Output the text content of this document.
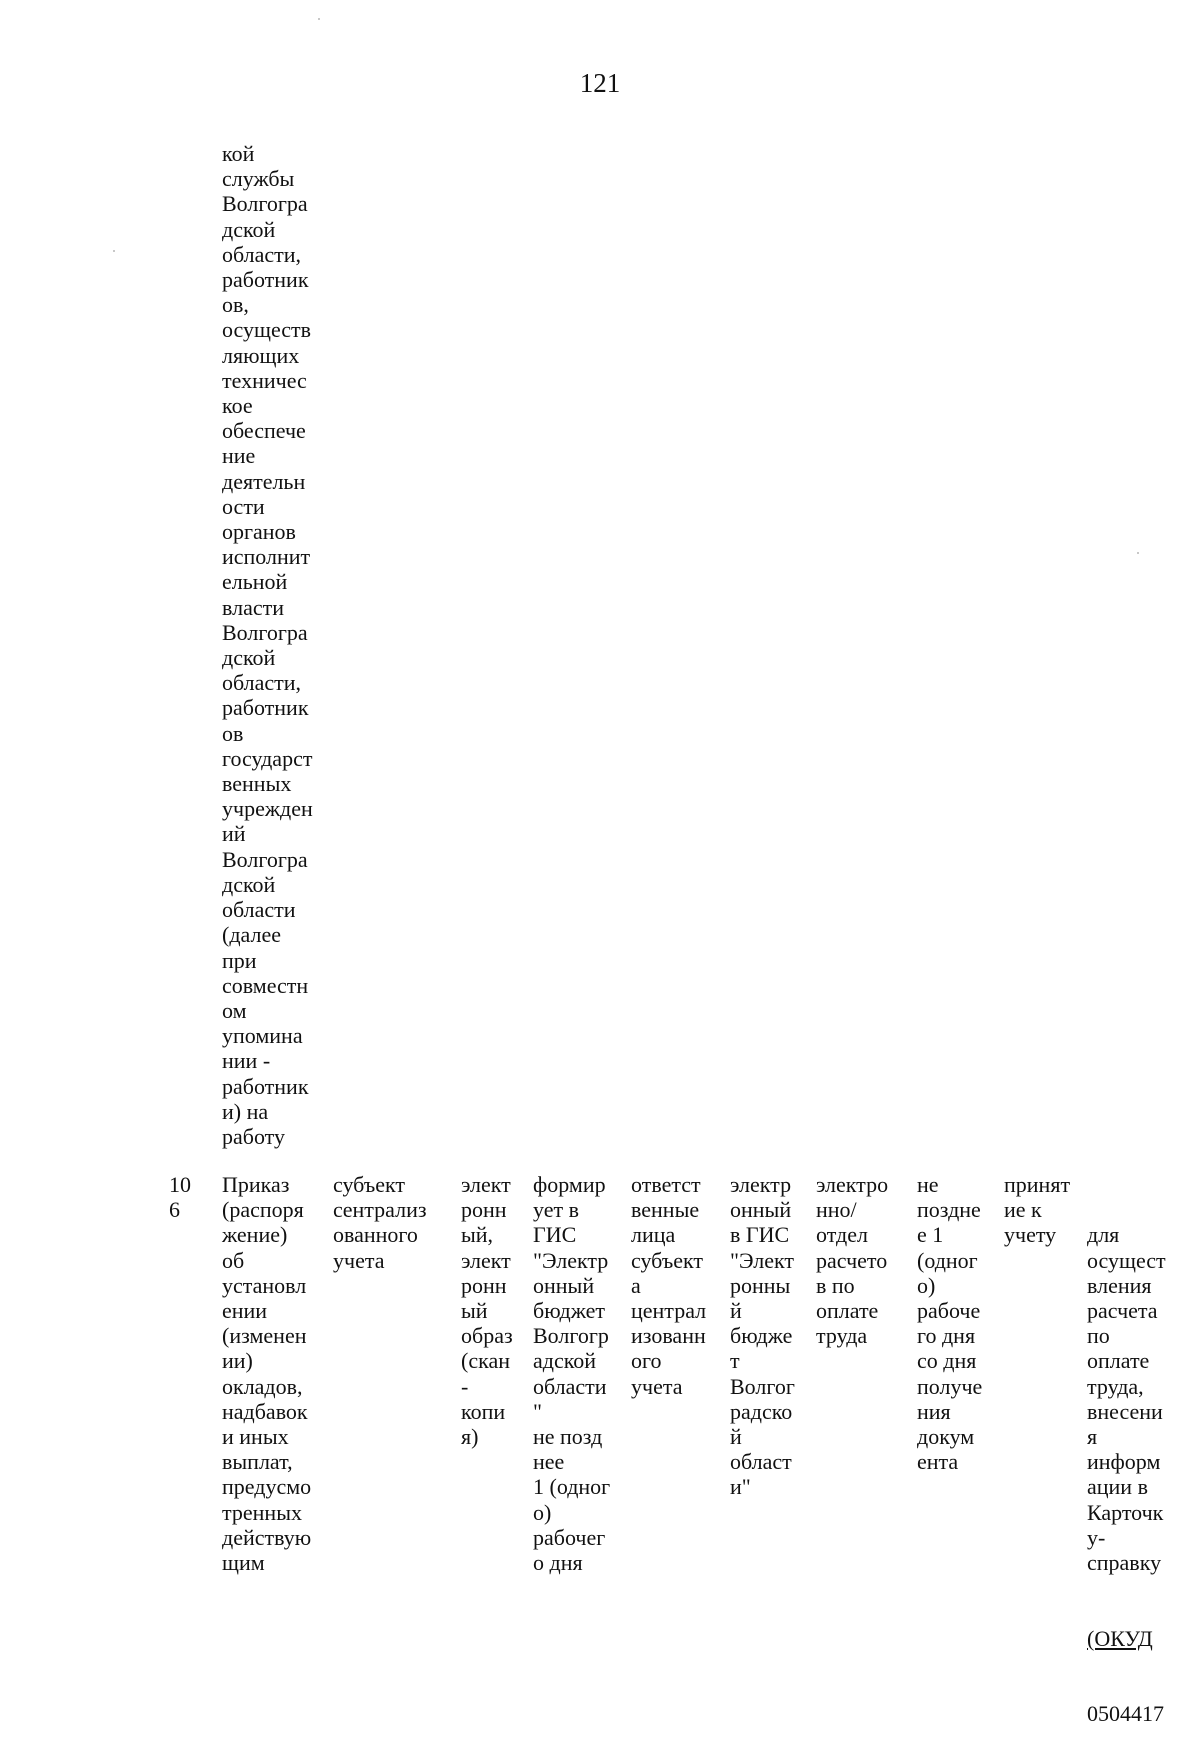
121
кой
службы
Волгогра
дской
области,
работник
ов,
осуществ
ляющих
техничес
кое
обеспече
ние
деятельн
ости
органов
исполнит
ельной
власти
Волгогра
дской
области,
работник
ов
государст
венных
учрежден
ий
Волгогра
дской
области
(далее
при
совместн
ом
упомина
нии -
работник
и) на
работу
10
6
Приказ
(распоря
жение)
об
установл
ении
(изменен
ии)
окладов,
надбавок
и иных
выплат,
предусмо
тренных
действую
щим
субъект
cентрализ
ованного
учета
элект
ронн
ый,
элект
ронн
ый
образ
(скан
-
копи
я)
формир
ует в
ГИС
"Электр
онный
бюджет
Волгогр
адской
области
"
не позд
нее
1 (одног
о)
рабочег
о дня
ответст
венные
лица
субъект
а
централ
изованн
ого
учета
электр
онный
в ГИС
"Элект
ронны
й
бюдже
т
Волгог
радско
й
област
и"
электро
нно/
отдел
расчето
в по
оплате
труда
не
поздне
е 1
(одног
о)
рабоче
го дня
со дня
получе
ния
докум
ента
принят
ие к
учету

	для
осущест
вления
расчета
по
оплате
труда,
внесени
я
информ
ации в
Карточк
у-
справку

(ОКУД

0504417
